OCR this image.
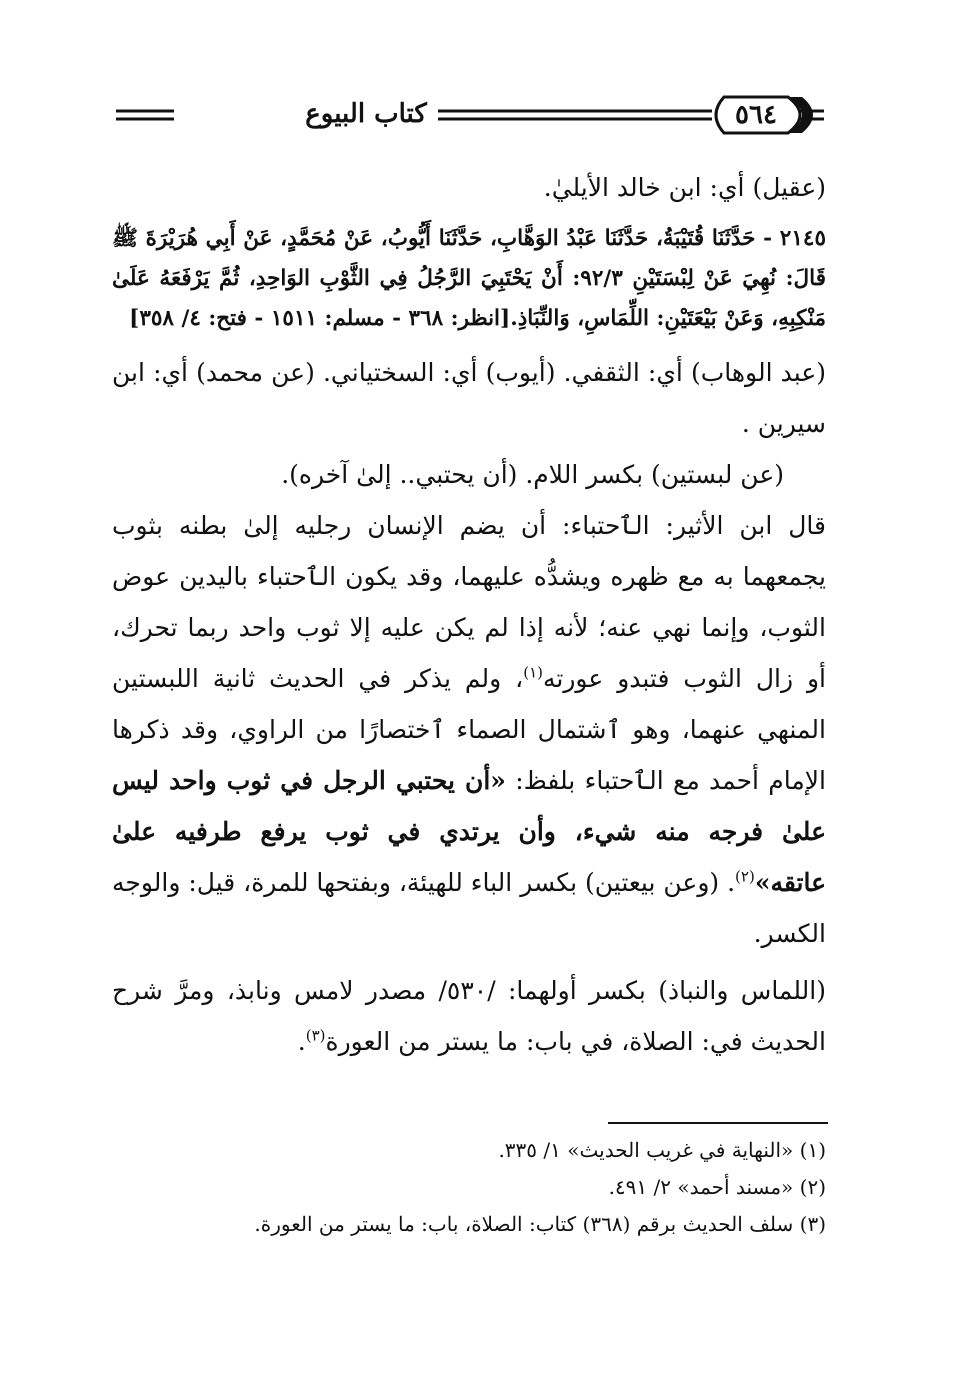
كتاب البيوع	٥٦٤

(عقيل) أي: ابن خالد الأيليٰ.

٢١٤٥ - حَدَّثَنَا قُتَيْبَةُ، حَدَّثَنَا عَبْدُ الوَهَّابِ، حَدَّثَنَا أَيُّوبُ، عَنْ مُحَمَّدٍ، عَنْ أَبِي هُرَيْرَةَ ﷺ قَالَ: نُهِيَ عَنْ لِبْسَتَيْنِ ٩٢/٣: أَنْ يَحْتَبِيَ الرَّجُلُ فِي الثَّوْبِ الوَاحِدِ، ثُمَّ يَرْفَعَهُ عَلَىٰ مَنْكِبِهِ، وَعَنْ بَيْعَتَيْنِ: اللِّمَاسِ، وَالنِّبَاذِ.[انظر: ٣٦٨ - مسلم: ١٥١١ - فتح: ٤/ ٣٥٨]

(عبد الوهاب) أي: الثقفي. (أيوب) أي: السختياني. (عن محمد) أي: ابن سيرين .

(عن لبستين) بكسر اللام. (أن يحتبي.. إلىٰ آخره).

قال ابن الأثير: الٱحتباء: أن يضم الإنسان رجليه إلىٰ بطنه بثوب يجمعهما به مع ظهره ويشدُّه عليهما، وقد يكون الٱحتباء باليدين عوض الثوب، وإنما نهي عنه؛ لأنه إذا لم يكن عليه إلا ثوب واحد ربما تحرك، أو زال الثوب فتبدو عورته$^{(١)}$، ولم يذكر في الحديث ثانية اللبستين المنهي عنهما، وهو ٱشتمال الصماء ٱختصارًا من الراوي، وقد ذكرها الإمام أحمد مع الٱحتباء بلفظ: «أن يحتبي الرجل في ثوب واحد ليس علىٰ فرجه منه شيء، وأن يرتدي في ثوب يرفع طرفيه علىٰ عاتقه»$^{(٢)}$. (وعن بيعتين) بكسر الباء للهيئة، وبفتحها للمرة، قيل: والوجه الكسر.

(اللماس والنباذ) بكسر أولهما: /٥٣٠/ مصدر لامس ونابذ، ومرَّ شرح الحديث في: الصلاة، في باب: ما يستر من العورة$^{(٣)}$.

(١) «النهاية في غريب الحديث» ١/ ٣٣٥.

(٢) «مسند أحمد» ٢/ ٤٩١.

(٣) سلف الحديث برقم (٣٦٨) كتاب: الصلاة، باب: ما يستر من العورة.
